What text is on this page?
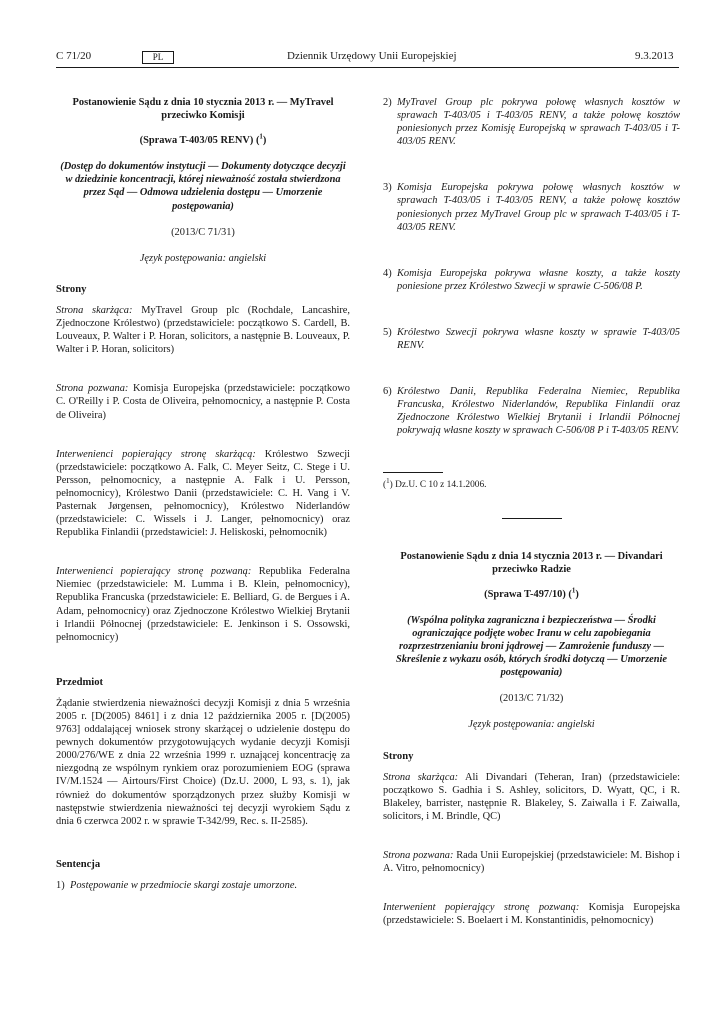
C 71/20	PL	Dziennik Urzędowy Unii Europejskiej	9.3.2013
Postanowienie Sądu z dnia 10 stycznia 2013 r. — MyTravel przeciwko Komisji
(Sprawa T-403/05 RENV) ($^1$)
(Dostęp do dokumentów instytucji — Dokumenty dotyczące decyzji w dziedzinie koncentracji, której nieważność została stwierdzona przez Sąd — Odmowa udzielenia dostępu — Umorzenie postępowania)
(2013/C 71/31)
Język postępowania: angielski
Strony
Strona skarżąca: MyTravel Group plc (Rochdale, Lancashire, Zjednoczone Królestwo) (przedstawiciele: początkowo S. Cardell, B. Louveaux, P. Walter i P. Horan, solicitors, a następnie B. Louveaux, P. Walter i P. Horan, solicitors)
Strona pozwana: Komisja Europejska (przedstawiciele: początkowo C. O'Reilly i P. Costa de Oliveira, pełnomocnicy, a następnie P. Costa de Oliveira)
Interwenienci popierający stronę skarżącą: Królestwo Szwecji (przedstawiciele: początkowo A. Falk, C. Meyer Seitz, C. Stege i U. Persson, pełnomocnicy, a następnie A. Falk i U. Persson, pełnomocnicy), Królestwo Danii (przedstawiciele: C. H. Vang i V. Pasternak Jørgensen, pełnomocnicy), Królestwo Niderlandów (przedstawiciele: C. Wissels i J. Langer, pełnomocnicy) oraz Republika Finlandii (przedstawiciel: J. Heliskoski, pełnomocnik)
Interwenienci popierający stronę pozwaną: Republika Federalna Niemiec (przedstawiciele: M. Lumma i B. Klein, pełnomocnicy), Republika Francuska (przedstawiciele: E. Belliard, G. de Bergues i A. Adam, pełnomocnicy) oraz Zjednoczone Królestwo Wielkiej Brytanii i Irlandii Północnej (przedstawiciele: E. Jenkinson i S. Ossowski, pełnomocnicy)
Przedmiot
Żądanie stwierdzenia nieważności decyzji Komisji z dnia 5 września 2005 r. [D(2005) 8461] i z dnia 12 października 2005 r. [D(2005) 9763] oddalającej wniosek strony skarżącej o udzielenie dostępu do pewnych dokumentów przygotowujących wydanie decyzji Komisji 2000/276/WE z dnia 22 września 1999 r. uznającej koncentrację za niezgodną ze wspólnym rynkiem oraz porozumieniem EOG (sprawa IV/M.1524 — Airtours/First Choice) (Dz.U. 2000, L 93, s. 1), jak również do dokumentów sporządzonych przez służby Komisji w następstwie stwierdzenia nieważności tej decyzji wyrokiem Sądu z dnia 6 czerwca 2002 r. w sprawie T-342/99, Rec. s. II-2585).
Sentencja
1) Postępowanie w przedmiocie skargi zostaje umorzone.
2) MyTravel Group plc pokrywa połowę własnych kosztów w sprawach T-403/05 i T-403/05 RENV, a także połowę kosztów poniesionych przez Komisję Europejską w sprawach T-403/05 i T-403/05 RENV.
3) Komisja Europejska pokrywa połowę własnych kosztów w sprawach T-403/05 i T-403/05 RENV, a także połowę kosztów poniesionych przez MyTravel Group plc w sprawach T-403/05 i T-403/05 RENV.
4) Komisja Europejska pokrywa własne koszty, a także koszty poniesione przez Królestwo Szwecji w sprawie C-506/08 P.
5) Królestwo Szwecji pokrywa własne koszty w sprawie T-403/05 RENV.
6) Królestwo Danii, Republika Federalna Niemiec, Republika Francuska, Królestwo Niderlandów, Republika Finlandii oraz Zjednoczone Królestwo Wielkiej Brytanii i Irlandii Północnej pokrywają własne koszty w sprawach C-506/08 P i T-403/05 RENV.
($^1$) Dz.U. C 10 z 14.1.2006.
Postanowienie Sądu z dnia 14 stycznia 2013 r. — Divandari przeciwko Radzie
(Sprawa T-497/10) ($^1$)
(Wspólna polityka zagraniczna i bezpieczeństwa — Środki ograniczające podjęte wobec Iranu w celu zapobiegania rozprzestrzenianiu broni jądrowej — Zamrożenie funduszy — Skreślenie z wykazu osób, których środki dotyczą — Umorzenie postępowania)
(2013/C 71/32)
Język postępowania: angielski
Strony
Strona skarżąca: Ali Divandari (Teheran, Iran) (przedstawiciele: początkowo S. Gadhia i S. Ashley, solicitors, D. Wyatt, QC, i R. Blakeley, barrister, następnie R. Blakeley, S. Zaiwalla i F. Zaiwalla, solicitors, i M. Brindle, QC)
Strona pozwana: Rada Unii Europejskiej (przedstawiciele: M. Bishop i A. Vitro, pełnomocnicy)
Interwenient popierający stronę pozwaną: Komisja Europejska (przedstawiciele: S. Boelaert i M. Konstantinidis, pełnomocnicy)
